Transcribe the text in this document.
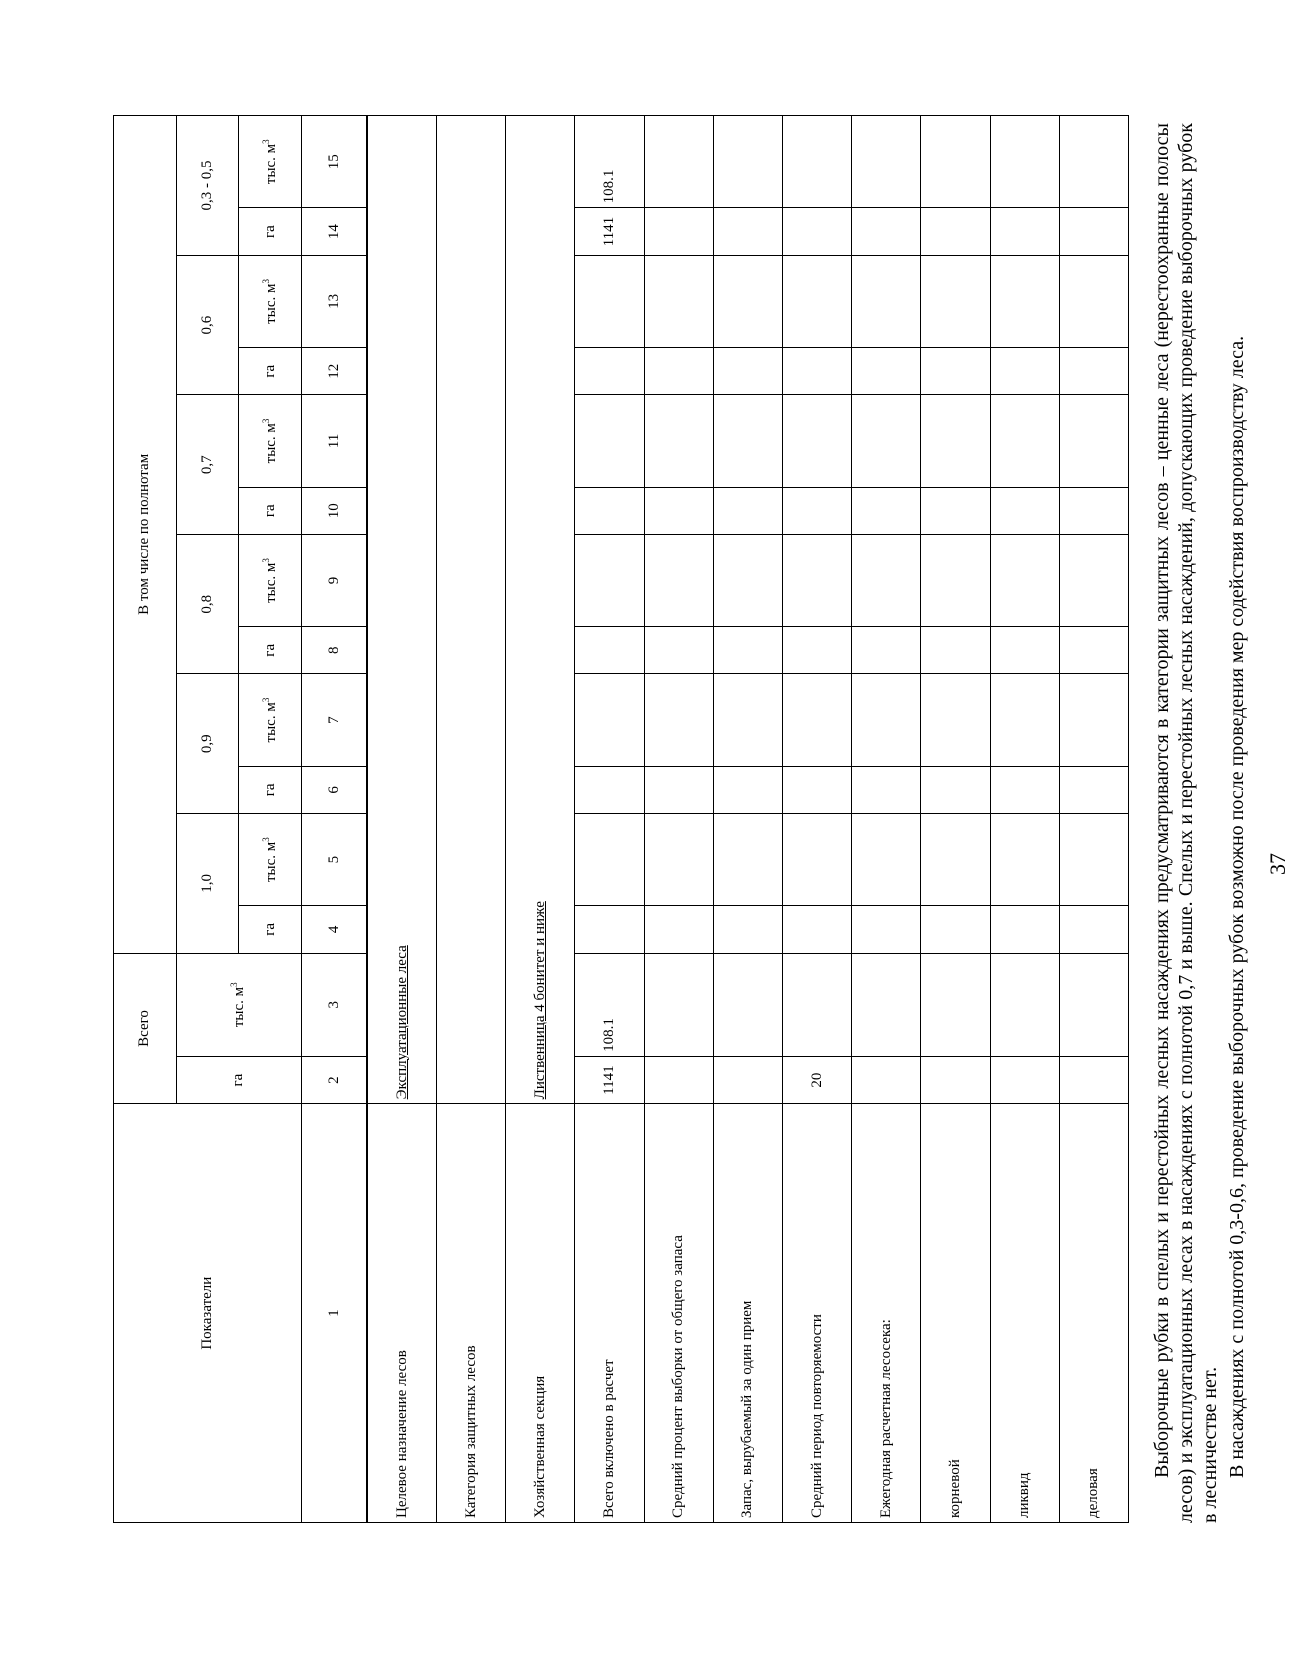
Показатели	Всего		В том числе по полнотам											
	га	тыс. $м^3$	1,0		0,9		0,8		0,7		0,6		0,3 - 0,5	
			га	тыс. $м^3$	га	тыс. $м^3$	га	тыс. $м^3$	га	тыс. $м^3$	га	тыс. $м^3$	га	тыс. $м^3$
1	2	3	4	5	6	7	8	9	10	11	12	13	14	15
Целевое назначение лесов	Эксплуатационные леса													
Категория защитных лесов														
Хозяйственная секция	Лиственница 4 бонитет и ниже													
Всего включено в расчет	1141	108.1											1141	108.1
Средний процент выборки от общего запаса														
Запас, вырубаемый за один прием														
Средний период повторяемости	20													
Ежегодная расчетная лесосека:														
корневой														
ликвид														
деловая														
Выборочные рубки в спелых и перестойных лесных насаждениях предусматриваются в категории защитных лесов – ценные леса (нерестоохранные полосы лесов) и эксплуатационных лесах в насаждениях с полнотой 0,7 и выше. Спелых и перестойных лесных насаждений, допускающих проведение выборочных рубок в лесничестве нет. В насаждениях с полнотой 0,3-0,6, проведение выборочных рубок возможно после проведения мер содействия воспроизводству леса. 37
